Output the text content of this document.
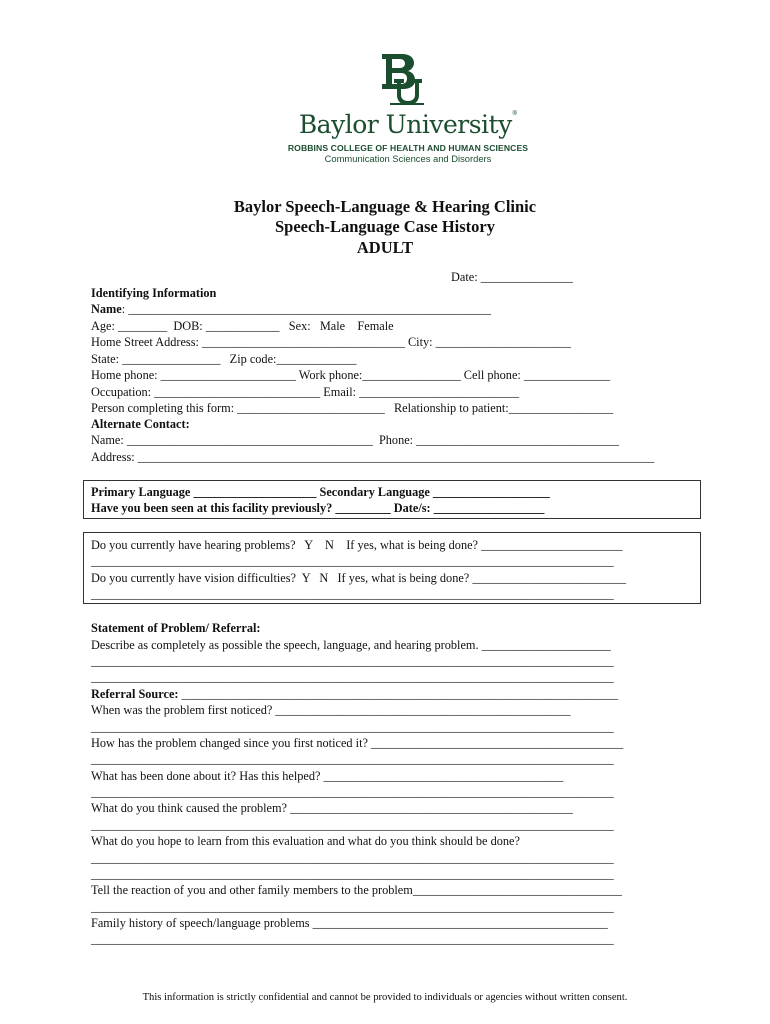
Baylor University®
ROBBINS COLLEGE OF HEALTH AND HUMAN SCIENCES
Communication Sciences and Disorders
Baylor Speech-Language & Hearing Clinic
Speech-Language Case History
ADULT
Date: _______________
Identifying Information
Name: ___________________________________________________________
Age: ________  DOB: ____________   Sex:   Male    Female
Home Street Address: _________________________________ City: ______________________
State: ________________   Zip code:_____________
Home phone: ______________________ Work phone:________________ Cell phone: ______________
Occupation: ___________________________ Email: __________________________
Person completing this form: ________________________   Relationship to patient:_________________
Alternate Contact:
Name: ________________________________________  Phone: _________________________________
Address: ____________________________________________________________________________________
Primary Language ____________________ Secondary Language ___________________
Have you been seen at this facility previously? _________ Date/s: __________________
Do you currently have hearing problems?   Y    N    If yes, what is being done? _______________________
_____________________________________________________________________________________
Do you currently have vision difficulties?  Y   N   If yes, what is being done? _________________________
_____________________________________________________________________________________
Statement of Problem/ Referral:
Describe as completely as possible the speech, language, and hearing problem. _____________________
_____________________________________________________________________________________
_____________________________________________________________________________________
Referral Source: _______________________________________________________________________
When was the problem first noticed? ________________________________________________
_____________________________________________________________________________________
How has the problem changed since you first noticed it? _________________________________________
_____________________________________________________________________________________
What has been done about it? Has this helped? _______________________________________
_____________________________________________________________________________________
What do you think caused the problem? ______________________________________________
_____________________________________________________________________________________
What do you hope to learn from this evaluation and what do you think should be done?
_____________________________________________________________________________________
_____________________________________________________________________________________
Tell the reaction of you and other family members to the problem__________________________________
_____________________________________________________________________________________
Family history of speech/language problems ________________________________________________
_____________________________________________________________________________________
This information is strictly confidential and cannot be provided to individuals or agencies without written consent.
